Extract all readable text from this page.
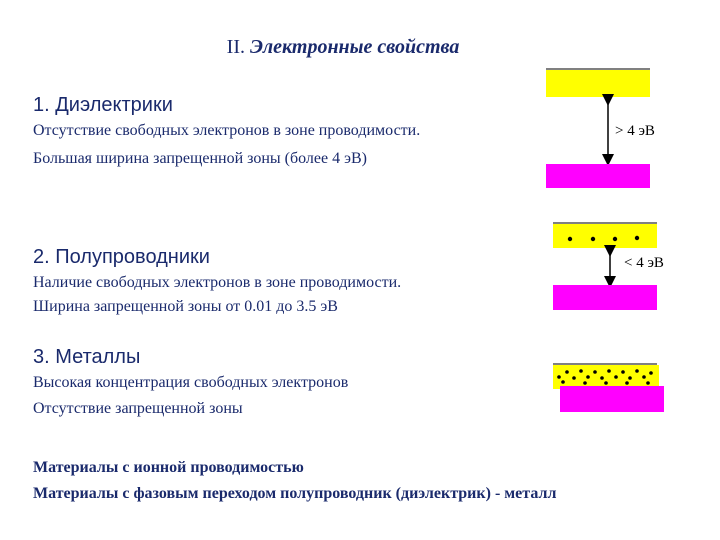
II. Электронные свойства
1. Диэлектрики
Отсутствие свободных электронов в зоне проводимости.
Большая ширина запрещенной зоны (более 4 эВ)
2. Полупроводники
Наличие свободных электронов в зоне проводимости.
Ширина запрещенной зоны от 0.01 до 3.5 эВ
3. Металлы
Высокая концентрация свободных электронов
Отсутствие запрещенной зоны
Материалы с ионной проводимостью
Материалы с фазовым переходом полупроводник (диэлектрик) - металл
> 4 эВ
< 4 эВ
